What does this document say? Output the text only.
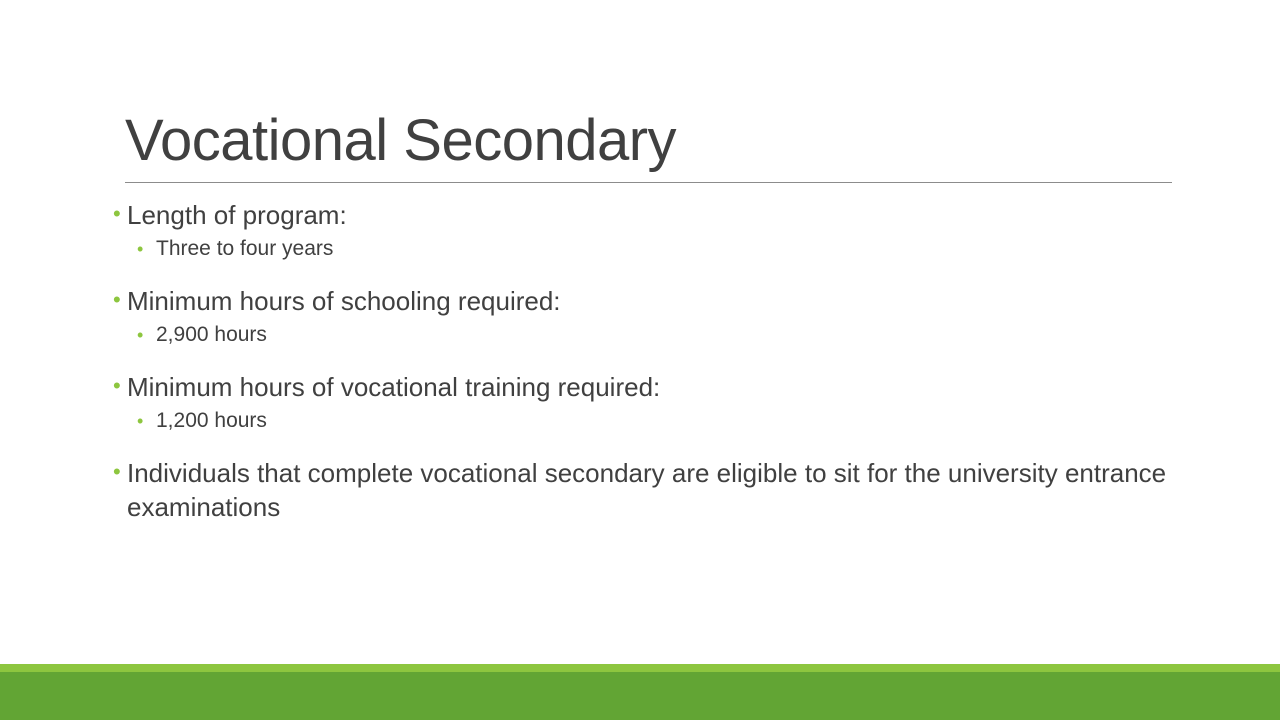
Vocational Secondary
• Length of program:
• Three to four years
• Minimum hours of schooling required:
• 2,900 hours
• Minimum hours of vocational training required:
• 1,200 hours
• Individuals that complete vocational secondary are eligible to sit for the university entrance examinations
